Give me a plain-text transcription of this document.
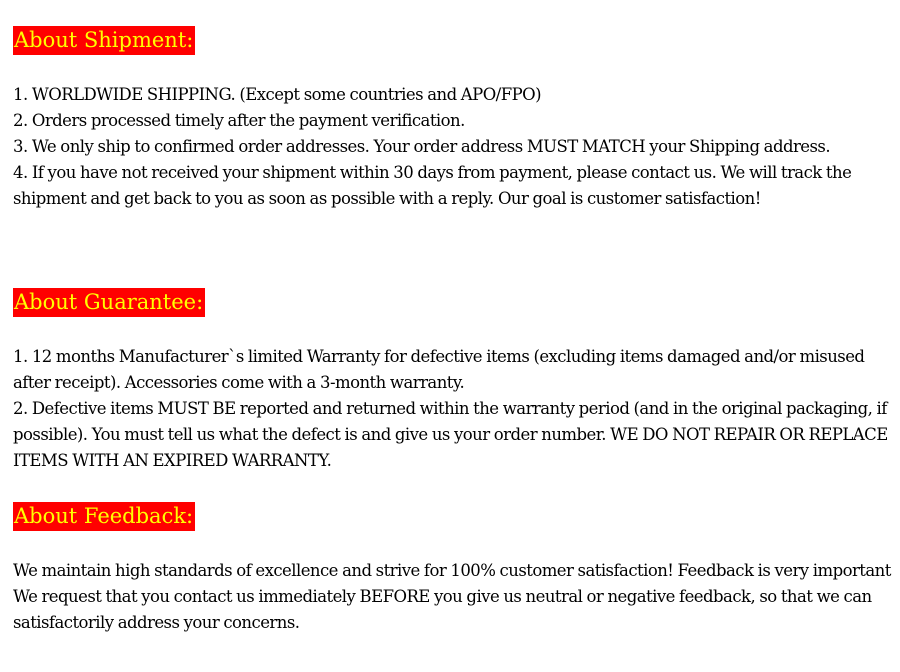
About Shipment:

1. WORLDWIDE SHIPPING. (Except some countries and APO/FPO)

2. Orders processed timely after the payment verification.

3. We only ship to confirmed order addresses. Your order address MUST MATCH your Shipping address.

4. If you have not received your shipment within 30 days from payment, please contact us. We will track the shipment and get back to you as soon as possible with a reply. Our goal is customer satisfaction!

About Guarantee:

1. 12 months Manufacturer`s limited Warranty for defective items (excluding items damaged and/or misused after receipt). Accessories come with a 3-month warranty.

2. Defective items MUST BE reported and returned within the warranty period (and in the original packaging, if possible). You must tell us what the defect is and give us your order number. WE DO NOT REPAIR OR REPLACE ITEMS WITH AN EXPIRED WARRANTY.

About Feedback:

We maintain high standards of excellence and strive for 100% customer satisfaction! Feedback is very important We request that you contact us immediately BEFORE you give us neutral or negative feedback, so that we can satisfactorily address your concerns.
